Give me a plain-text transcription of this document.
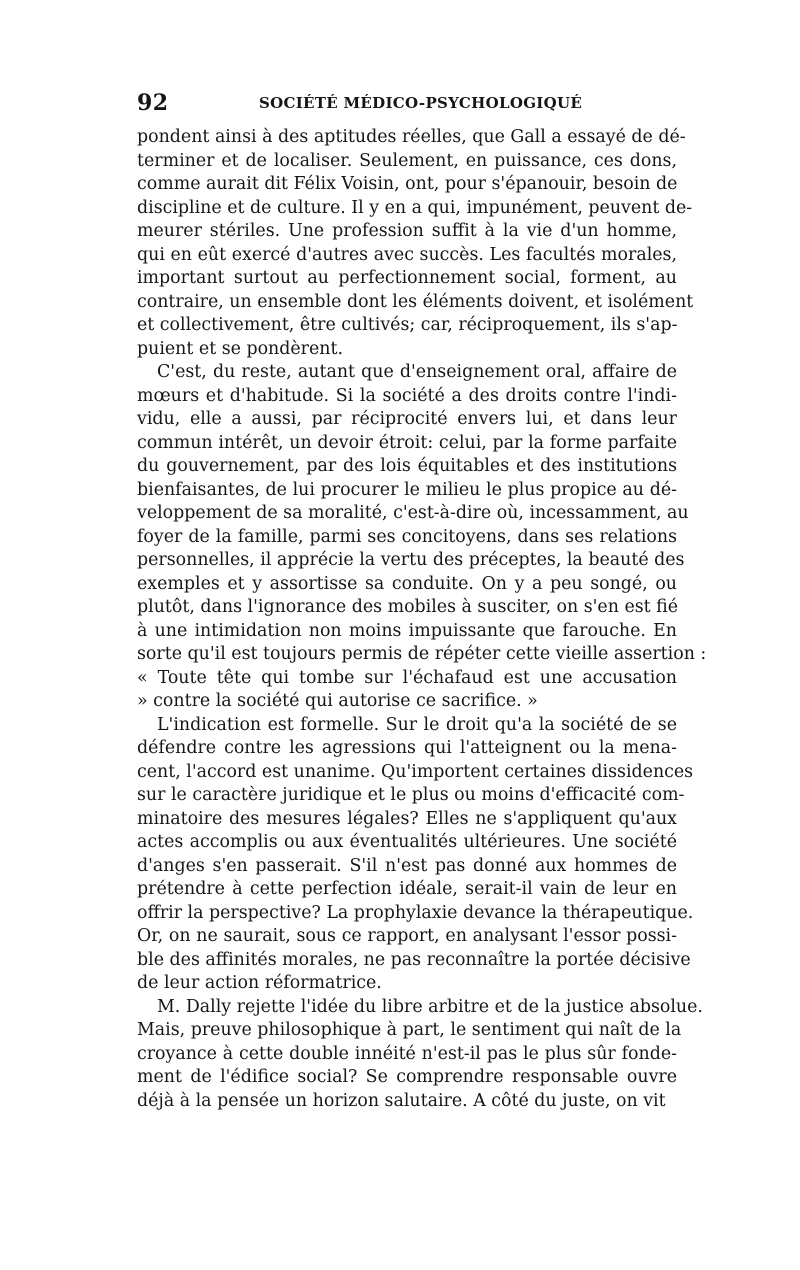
92	SOCIÉTÉ MÉDICO-PSYCHOLOGIQUÉ
pondent ainsi à des aptitudes réelles, que Gall a essayé de dé-
terminer et de localiser. Seulement, en puissance, ces dons,
comme aurait dit Félix Voisin, ont, pour s'épanouir, besoin de
discipline et de culture. Il y en a qui, impunément, peuvent de-
meurer stériles. Une profession suffit à la vie d'un homme,
qui en eût exercé d'autres avec succès. Les facultés morales,
important surtout au perfectionnement social, forment, au
contraire, un ensemble dont les éléments doivent, et isolément
et collectivement, être cultivés; car, réciproquement, ils s'ap-
puient et se pondèrent.
C'est, du reste, autant que d'enseignement oral, affaire de
mœurs et d'habitude. Si la société a des droits contre l'indi-
vidu, elle a aussi, par réciprocité envers lui, et dans leur
commun intérêt, un devoir étroit: celui, par la forme parfaite
du gouvernement, par des lois équitables et des institutions
bienfaisantes, de lui procurer le milieu le plus propice au dé-
veloppement de sa moralité, c'est-à-dire où, incessamment, au
foyer de la famille, parmi ses concitoyens, dans ses relations
personnelles, il apprécie la vertu des préceptes, la beauté des
exemples et y assortisse sa conduite. On y a peu songé, ou
plutôt, dans l'ignorance des mobiles à susciter, on s'en est fié
à une intimidation non moins impuissante que farouche. En
sorte qu'il est toujours permis de répéter cette vieille assertion :
« Toute tête qui tombe sur l'échafaud est une accusation
» contre la société qui autorise ce sacrifice. »
L'indication est formelle. Sur le droit qu'a la société de se
défendre contre les agressions qui l'atteignent ou la mena-
cent, l'accord est unanime. Qu'importent certaines dissidences
sur le caractère juridique et le plus ou moins d'efficacité com-
minatoire des mesures légales? Elles ne s'appliquent qu'aux
actes accomplis ou aux éventualités ultérieures. Une société
d'anges s'en passerait. S'il n'est pas donné aux hommes de
prétendre à cette perfection idéale, serait-il vain de leur en
offrir la perspective? La prophylaxie devance la thérapeutique.
Or, on ne saurait, sous ce rapport, en analysant l'essor possi-
ble des affinités morales, ne pas reconnaître la portée décisive
de leur action réformatrice.
M. Dally rejette l'idée du libre arbitre et de la justice absolue.
Mais, preuve philosophique à part, le sentiment qui naît de la
croyance à cette double innéité n'est-il pas le plus sûr fonde-
ment de l'édifice social? Se comprendre responsable ouvre
déjà à la pensée un horizon salutaire. A côté du juste, on vit
